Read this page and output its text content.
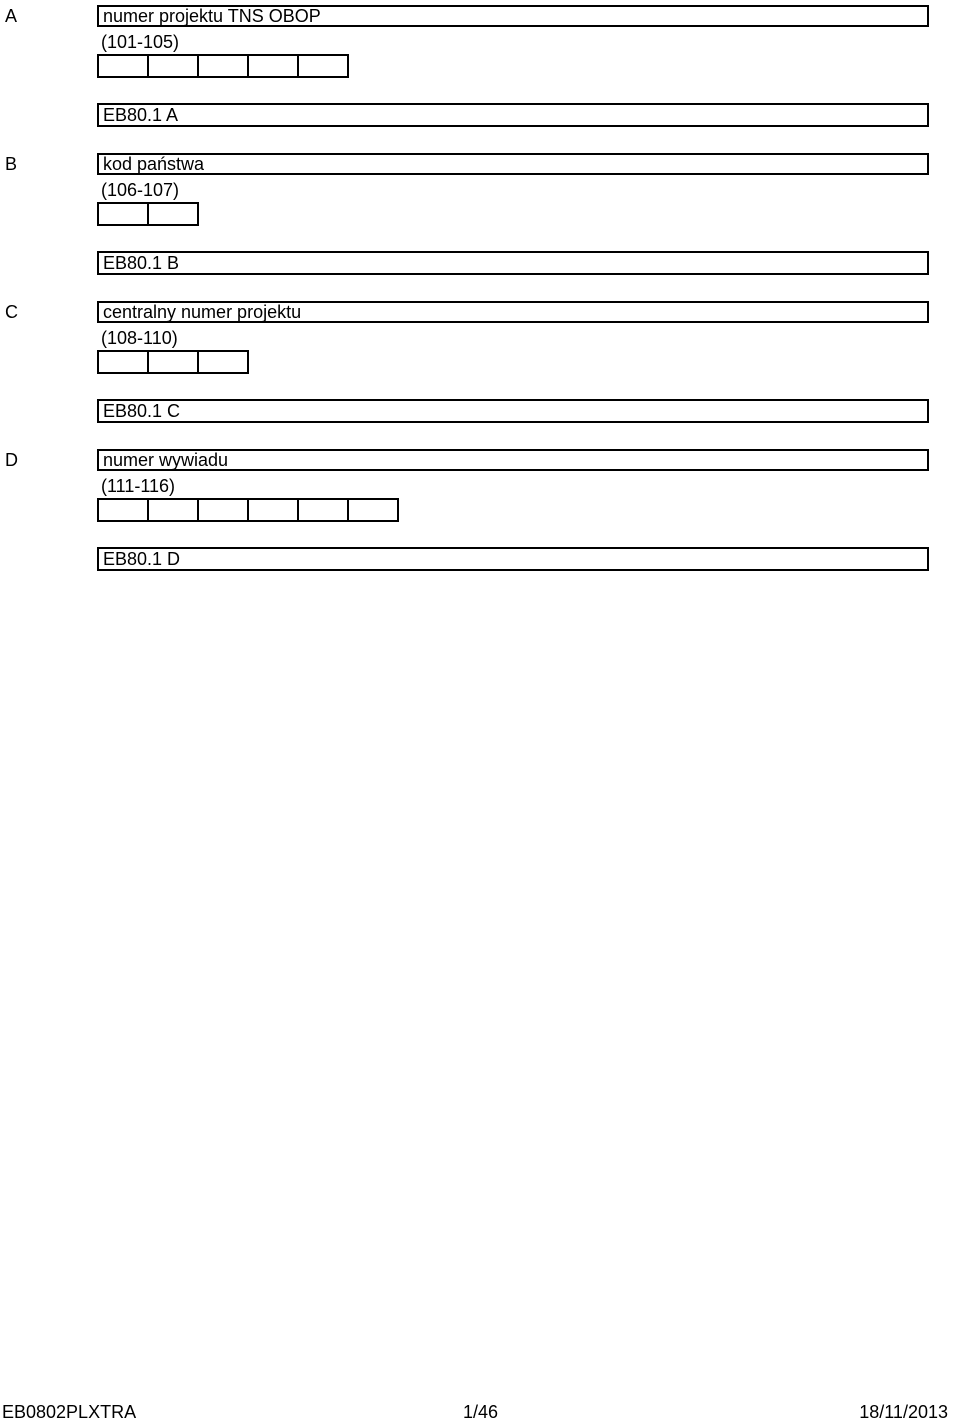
A	numer projektu TNS OBOP
(101-105)
EB80.1 A
B	kod państwa
(106-107)
EB80.1 B
C	centralny numer projektu
(108-110)
EB80.1 C
D	numer wywiadu
(111-116)
EB80.1 D
EB0802PLXTRA	1/46	18/11/2013
